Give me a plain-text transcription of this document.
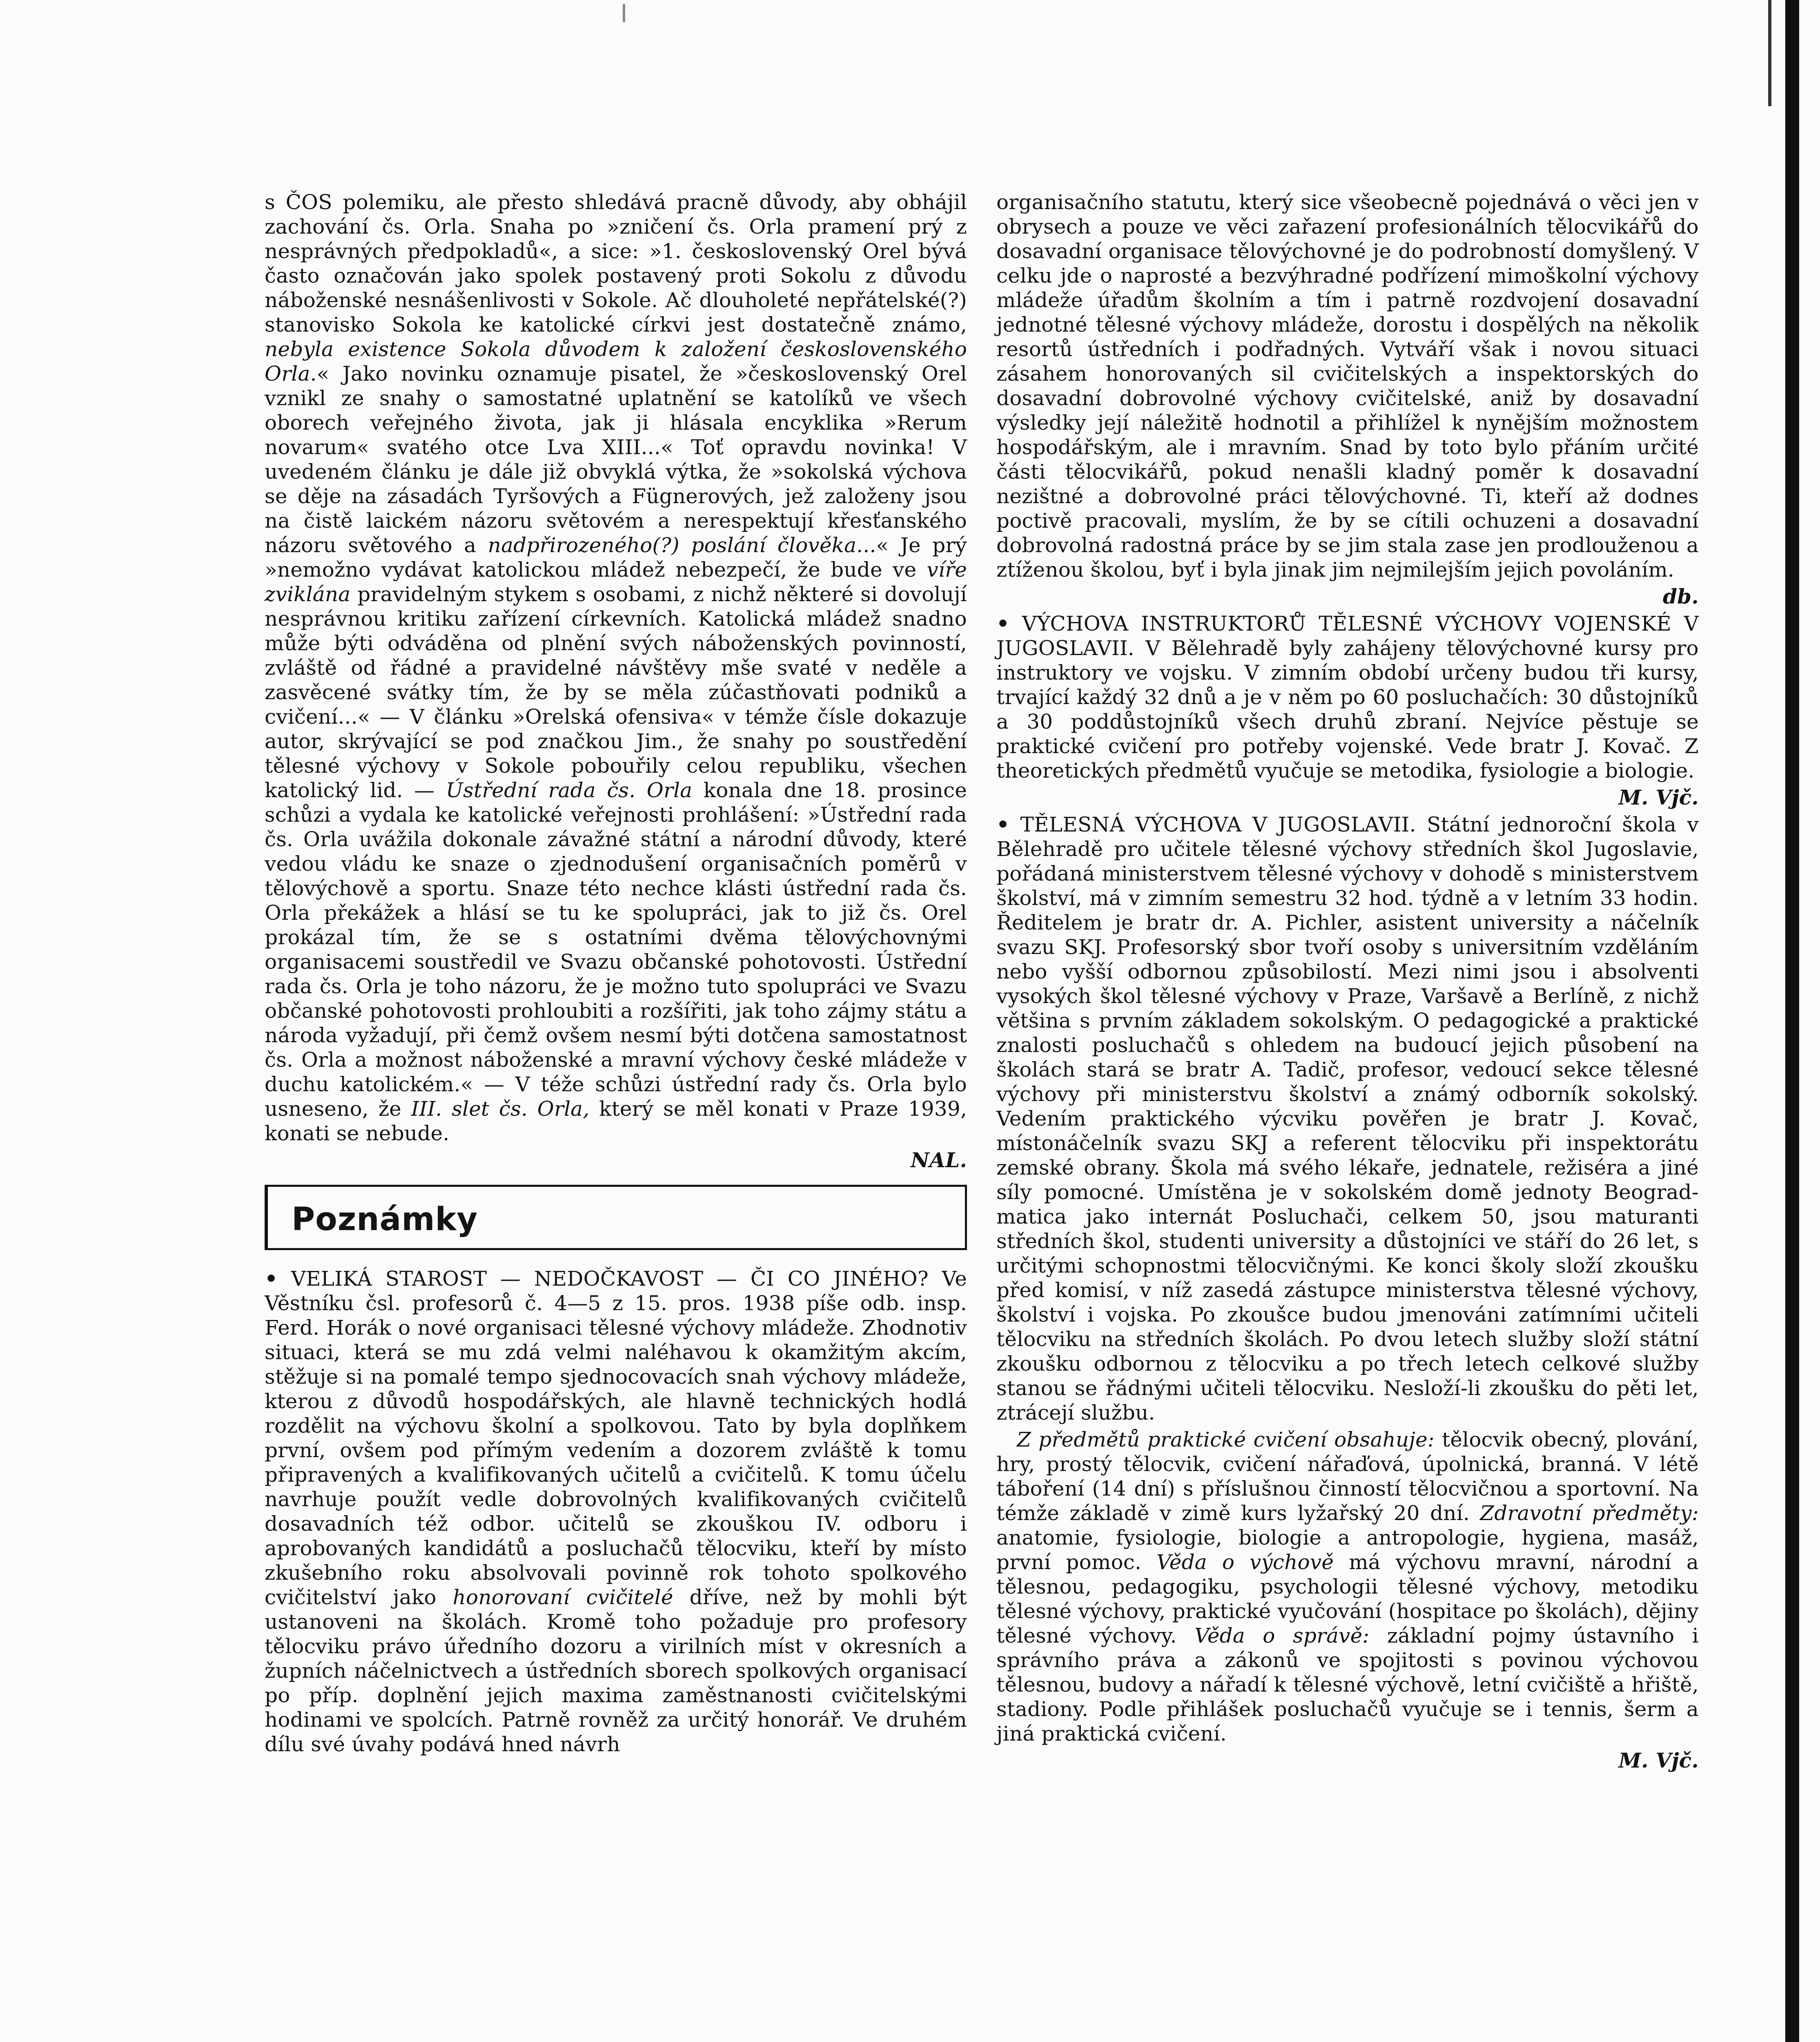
s ČOS polemiku, ale přesto shledává pracně důvody, aby obhájil zachování čs. Orla. Snaha po »zničení čs. Orla pramení prý z nesprávných předpokladů«, a sice: »1. československý Orel bývá často označován jako spolek postavený proti Sokolu z důvodu náboženské nesnášenlivosti v Sokole. Ač dlouholeté nepřátelské(?) stanovisko Sokola ke katolické církvi jest dostatečně známo, nebyla existence Sokola důvodem k založení československého Orla.« Jako novinku oznamuje pisatel, že »československý Orel vznikl ze snahy o samostatné uplatnění se katolíků ve všech oborech veřejného života, jak ji hlásala encyklika »Rerum novarum« svatého otce Lva XIII...« Toť opravdu novinka! V uvedeném článku je dále již obvyklá výtka, že »sokolská výchova se děje na zásadách Tyršových a Fügnerových, jež založeny jsou na čistě laickém názoru světovém a nerespektují křesťanského názoru světového a nadpřirozeného(?) poslání člověka...« Je prý »nemožno vydávat katolickou mládež nebezpečí, že bude ve víře zviklána pravidelným stykem s osobami, z nichž některé si dovolují nesprávnou kritiku zařízení církevních. Katolická mládež snadno může býti odváděna od plnění svých náboženských povinností, zvláště od řádné a pravidelné návštěvy mše svaté v neděle a zasvěcené svátky tím, že by se měla zúčastňovati podniků a cvičení...« — V článku »Orelská ofensiva« v témže čísle dokazuje autor, skrývající se pod značkou Jim., že snahy po soustředění tělesné výchovy v Sokole pobouřily celou republiku, všechen katolický lid. — Ústřední rada čs. Orla konala dne 18. prosince schůzi a vydala ke katolické veřejnosti prohlášení: »Ústřední rada čs. Orla uvážila dokonale závažné státní a národní důvody, které vedou vládu ke snaze o zjednodušení organisačních poměrů v tělovýchově a sportu. Snaze této nechce klásti ústřední rada čs. Orla překážek a hlásí se tu ke spolupráci, jak to již čs. Orel prokázal tím, že se s ostatními dvěma tělovýchovnými organisacemi soustředil ve Svazu občanské pohotovosti. Ústřední rada čs. Orla je toho názoru, že je možno tuto spolupráci ve Svazu občanské pohotovosti prohloubiti a rozšířiti, jak toho zájmy státu a národa vyžadují, při čemž ovšem nesmí býti dotčena samostatnost čs. Orla a možnost náboženské a mravní výchovy české mládeže v duchu katolickém.« — V téže schůzi ústřední rady čs. Orla bylo usneseno, že III. slet čs. Orla, který se měl konati v Praze 1939, konati se nebude.

NAL.

Poznámky

• VELIKÁ STAROST — NEDOČKAVOST — ČI CO JINÉHO? Ve Věstníku čsl. profesorů č. 4—5 z 15. pros. 1938 píše odb. insp. Ferd. Horák o nové organisaci tělesné výchovy mládeže. Zhodnotiv situaci, která se mu zdá velmi naléhavou k okamžitým akcím, stěžuje si na pomalé tempo sjednocovacích snah výchovy mládeže, kterou z důvodů hospodářských, ale hlavně technických hodlá rozdělit na výchovu školní a spolkovou. Tato by byla doplňkem první, ovšem pod přímým vedením a dozorem zvláště k tomu připravených a kvalifikovaných učitelů a cvičitelů. K tomu účelu navrhuje použít vedle dobrovolných kvalifikovaných cvičitelů dosavadních též odbor. učitelů se zkouškou IV. odboru i aprobovaných kandidátů a posluchačů tělocviku, kteří by místo zkušebního roku absolvovali povinně rok tohoto spolkového cvičitelství jako honorovaní cvičitelé dříve, než by mohli být ustanoveni na školách. Kromě toho požaduje pro profesory tělocviku právo úředního dozoru a virilních míst v okresních a župních náčelnictvech a ústředních sborech spolkových organisací po příp. doplnění jejich maxima zaměstnanosti cvičitelskými hodinami ve spolcích. Patrně rovněž za určitý honorář. Ve druhém dílu své úvahy podává hned návrh

organisačního statutu, který sice všeobecně pojednává o věci jen v obrysech a pouze ve věci zařazení profesionálních tělocvikářů do dosavadní organisace tělovýchovné je do podrobností domyšlený. V celku jde o naprosté a bezvýhradné podřízení mimoškolní výchovy mládeže úřadům školním a tím i patrně rozdvojení dosavadní jednotné tělesné výchovy mládeže, dorostu i dospělých na několik resortů ústředních i podřadných. Vytváří však i novou situaci zásahem honorovaných sil cvičitelských a inspektorských do dosavadní dobrovolné výchovy cvičitelské, aniž by dosavadní výsledky její náležitě hodnotil a přihlížel k nynějším možnostem hospodářským, ale i mravním. Snad by toto bylo přáním určité části tělocvikářů, pokud nenašli kladný poměr k dosavadní nezištné a dobrovolné práci tělovýchovné. Ti, kteří až dodnes poctivě pracovali, myslím, že by se cítili ochuzeni a dosavadní dobrovolná radostná práce by se jim stala zase jen prodlouženou a ztíženou školou, byť i byla jinak jim nejmilejším jejich povoláním.

db.

• VÝCHOVA INSTRUKTORŮ TĚLESNÉ VÝCHOVY VOJENSKÉ V JUGOSLAVII. V Bělehradě byly zahájeny tělovýchovné kursy pro instruktory ve vojsku. V zimním období určeny budou tři kursy, trvající každý 32 dnů a je v něm po 60 posluchačích: 30 důstojníků a 30 poddůstojníků všech druhů zbraní. Nejvíce pěstuje se praktické cvičení pro potřeby vojenské. Vede bratr J. Kovač. Z theoretických předmětů vyučuje se metodika, fysiologie a biologie.

M. Vjč.

• TĚLESNÁ VÝCHOVA V JUGOSLAVII. Státní jednoroční škola v Bělehradě pro učitele tělesné výchovy středních škol Jugoslavie, pořádaná ministerstvem tělesné výchovy v dohodě s ministerstvem školství, má v zimním semestru 32 hod. týdně a v letním 33 hodin. Ředitelem je bratr dr. A. Pichler, asistent university a náčelník svazu SKJ. Profesorský sbor tvoří osoby s universitním vzděláním nebo vyšší odbornou způsobilostí. Mezi nimi jsou i absolventi vysokých škol tělesné výchovy v Praze, Varšavě a Berlíně, z nichž většina s prvním základem sokolským. O pedagogické a praktické znalosti posluchačů s ohledem na budoucí jejich působení na školách stará se bratr A. Tadič, profesor, vedoucí sekce tělesné výchovy při ministerstvu školství a známý odborník sokolský. Vedením praktického výcviku pověřen je bratr J. Kovač, místonáčelník svazu SKJ a referent tělocviku při inspektorátu zemské obrany. Škola má svého lékaře, jednatele, režiséra a jiné síly pomocné. Umístěna je v sokolském domě jednoty Beograd-matica jako internát Posluchači, celkem 50, jsou maturanti středních škol, studenti university a důstojníci ve stáří do 26 let, s určitými schopnostmi tělocvičnými. Ke konci školy složí zkoušku před komisí, v níž zasedá zástupce ministerstva tělesné výchovy, školství i vojska. Po zkoušce budou jmenováni zatímními učiteli tělocviku na středních školách. Po dvou letech služby složí státní zkoušku odbornou z tělocviku a po třech letech celkové služby stanou se řádnými učiteli tělocviku. Nesloží-li zkoušku do pěti let, ztrácejí službu.

Z předmětů praktické cvičení obsahuje: tělocvik obecný, plování, hry, prostý tělocvik, cvičení nářaďová, úpolnická, branná. V létě táboření (14 dní) s příslušnou činností tělocvičnou a sportovní. Na témže základě v zimě kurs lyžařský 20 dní. Zdravotní předměty: anatomie, fysiologie, biologie a antropologie, hygiena, masáž, první pomoc. Věda o výchově má výchovu mravní, národní a tělesnou, pedagogiku, psychologii tělesné výchovy, metodiku tělesné výchovy, praktické vyučování (hospitace po školách), dějiny tělesné výchovy. Věda o správě: základní pojmy ústavního i správního práva a zákonů ve spojitosti s povinou výchovou tělesnou, budovy a nářadí k tělesné výchově, letní cvičiště a hřiště, stadiony. Podle přihlášek posluchačů vyučuje se i tennis, šerm a jiná praktická cvičení.

M. Vjč.
